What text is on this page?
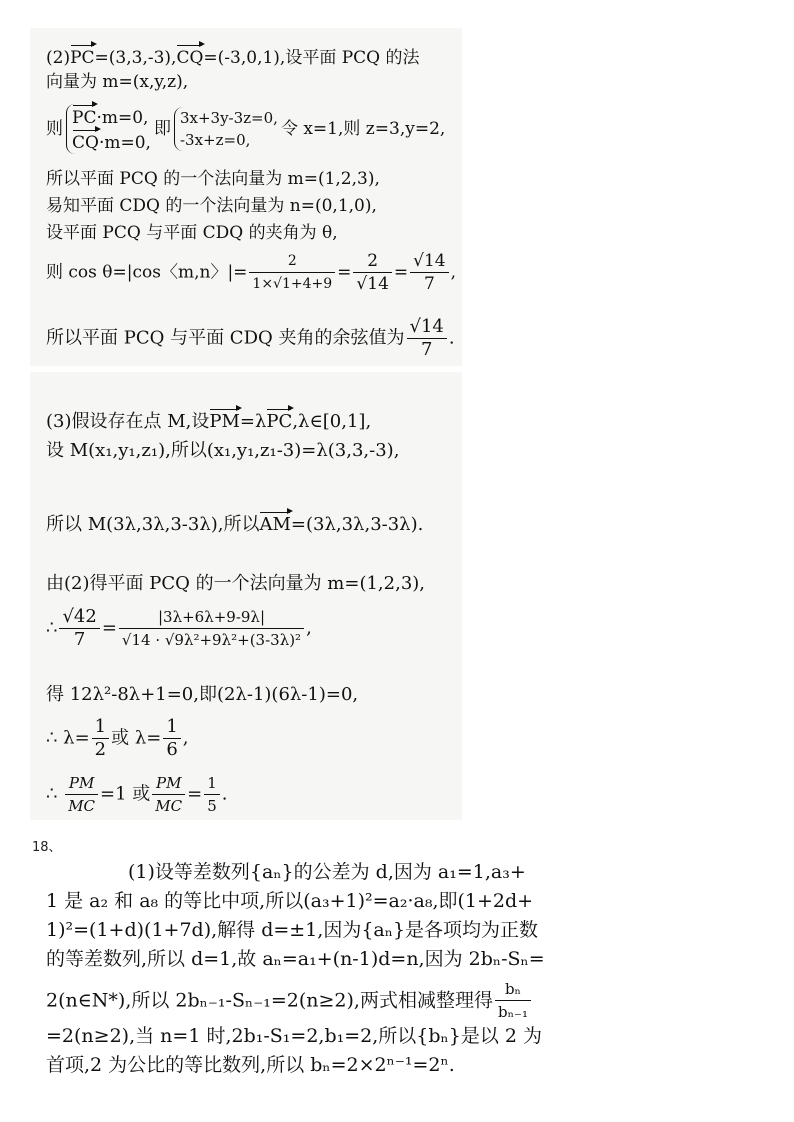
(2)PC=(3,3,-3),CQ=(-3,0,1),设平面 PCQ 的法
向量为 m=(x,y,z),
则PC·m=0,
CQ·m=0,即3x+3y-3z=0,
-3x+z=0,令 x=1,则 z=3,y=2,
所以平面 PCQ 的一个法向量为 m=(1,2,3),
易知平面 CDQ 的一个法向量为 n=(0,1,0),
设平面 PCQ 与平面 CDQ 的夹角为 θ,
则 cos θ=|cos〈m,n〉|= $\frac{2}{1\times√1+4+9} = \frac{2}{√14} = \frac{√14}{7}$ ,
所以平面 PCQ 与平面 CDQ 夹角的余弦值为 $\frac{√14}{7}$ .
(3)假设存在点 M,设PM=λPC,λ∈[0,1],
设 M(x₁,y₁,z₁),所以(x₁,y₁,z₁-3)=λ(3,3,-3),
所以 M(3λ,3λ,3-3λ),所以AM=(3λ,3λ,3-3λ).
由(2)得平面 PCQ 的一个法向量为 m=(1,2,3),
∴ $\frac{√42}{7} = \frac{|3\lambda+6\lambda+9-9\lambda|}{\text{√14 · √9λ²+9λ²+(3-3λ)²}}$ ,
得 12λ²-8λ+1=0,即(2λ-1)(6λ-1)=0,
∴ $\lambda= \frac{1}{2}$ 或 $\lambda= \frac{1}{6}$ ,
∴ $\frac{PM}{MC} =1$ 或 $\frac{PM}{MC} = \frac{1}{5}$ .
18、
(1)设等差数列{aₙ}的公差为 d,因为 a₁=1,a₃+
1 是 a₂ 和 a₈ 的等比中项,所以(a₃+1)²=a₂·a₈,即(1+2d+
1)²=(1+d)(1+7d),解得 d=±1,因为{aₙ}是各项均为正数
的等差数列,所以 d=1,故 aₙ=a₁+(n-1)d=n,因为 2bₙ-Sₙ=
2(n∈N*),所以 2bₙ₋₁-Sₙ₋₁=2(n≥2),两式相减整理得 $\frac{\text{bₙ}}{\text{bₙ₋₁}}$
=2(n≥2),当 n=1 时,2b₁-S₁=2,b₁=2,所以{bₙ}是以 2 为
首项,2 为公比的等比数列,所以 bₙ=2×2ⁿ⁻¹=2ⁿ.
